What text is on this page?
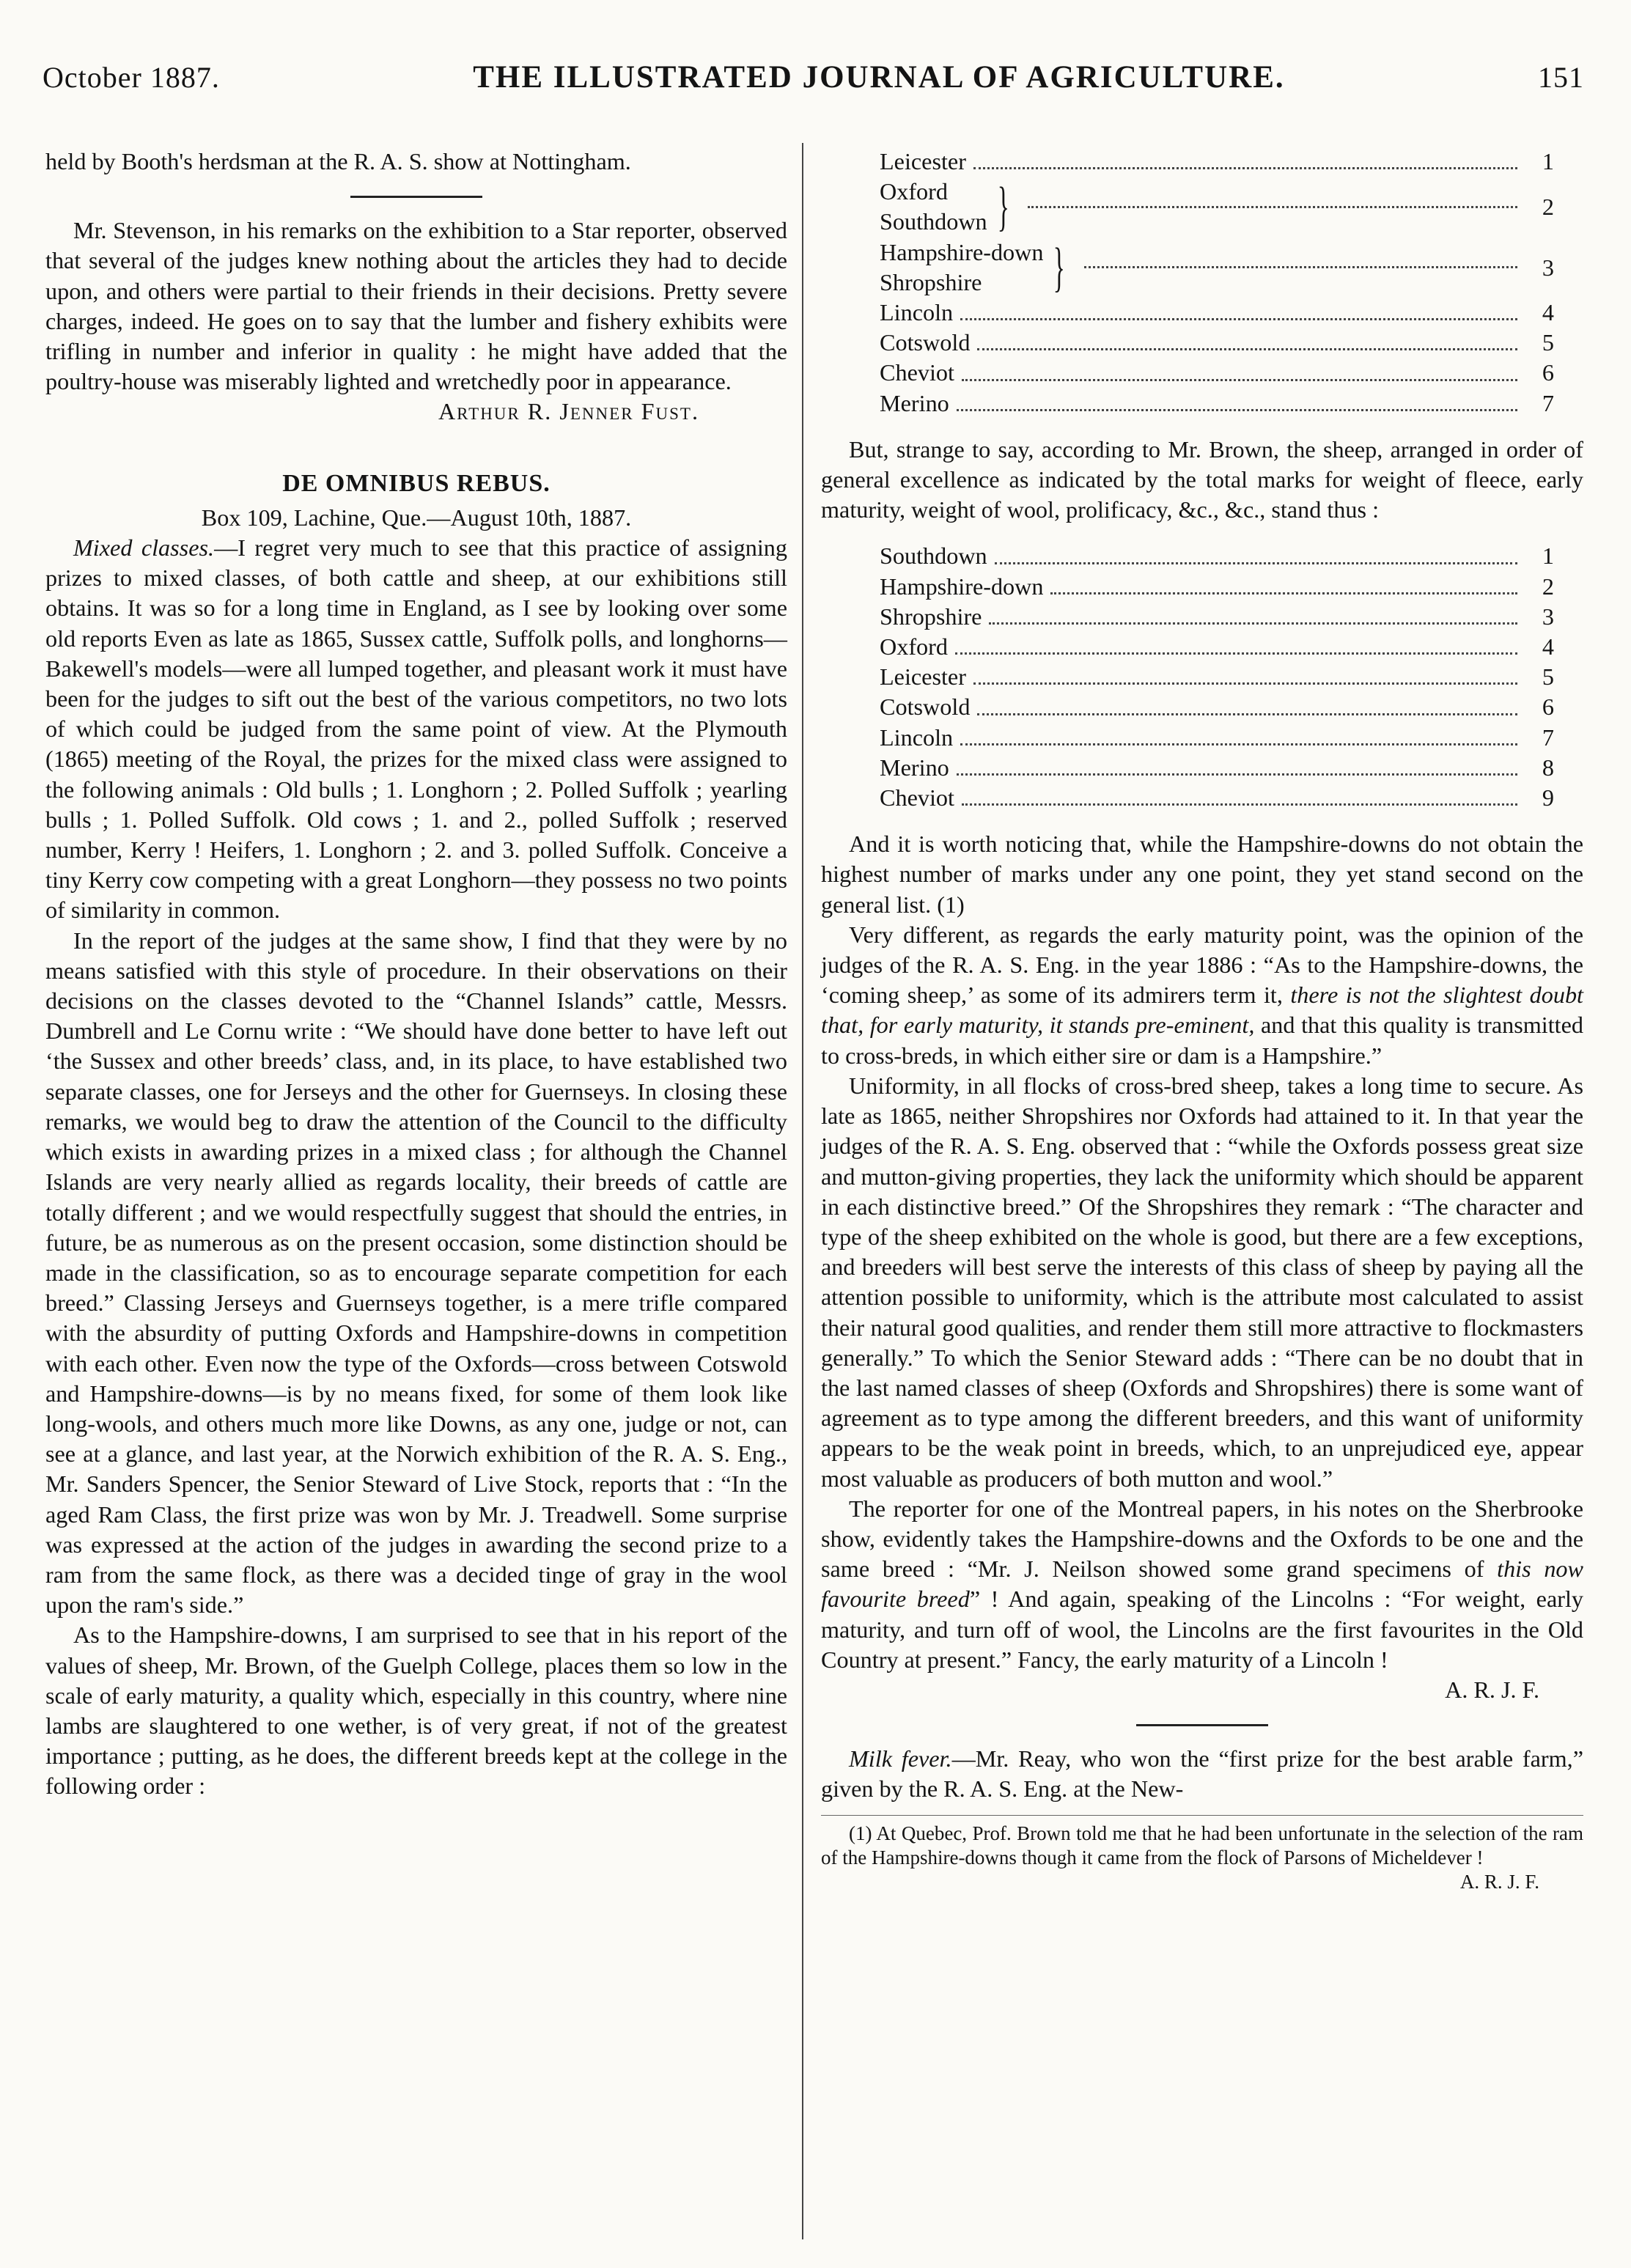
October 1887.	THE ILLUSTRATED JOURNAL OF AGRICULTURE.	151

held by Booth's herdsman at the R. A. S. show at Nottingham.

Mr. Stevenson, in his remarks on the exhibition to a Star reporter, observed that several of the judges knew nothing about the articles they had to decide upon, and others were partial to their friends in their decisions. Pretty severe charges, indeed. He goes on to say that the lumber and fishery exhibits were trifling in number and inferior in quality : he might have added that the poultry-house was miserably lighted and wretchedly poor in appearance.

Arthur R. Jenner Fust.
DE OMNIBUS REBUS.
Box 109, Lachine, Que.—August 10th, 1887.

Mixed classes.—I regret very much to see that this practice of assigning prizes to mixed classes, of both cattle and sheep, at our exhibitions still obtains. It was so for a long time in England, as I see by looking over some old reports Even as late as 1865, Sussex cattle, Suffolk polls, and longhorns—Bakewell's models—were all lumped together, and pleasant work it must have been for the judges to sift out the best of the various competitors, no two lots of which could be judged from the same point of view. At the Plymouth (1865) meeting of the Royal, the prizes for the mixed class were assigned to the following animals : Old bulls ; 1. Longhorn ; 2. Polled Suffolk ; yearling bulls ; 1. Polled Suffolk. Old cows ; 1. and 2., polled Suffolk ; reserved number, Kerry ! Heifers, 1. Longhorn ; 2. and 3. polled Suffolk. Conceive a tiny Kerry cow competing with a great Longhorn—they possess no two points of similarity in common.

In the report of the judges at the same show, I find that they were by no means satisfied with this style of procedure. In their observations on their decisions on the classes devoted to the “Channel Islands” cattle, Messrs. Dumbrell and Le Cornu write : “We should have done better to have left out ‘the Sussex and other breeds’ class, and, in its place, to have established two separate classes, one for Jerseys and the other for Guernseys. In closing these remarks, we would beg to draw the attention of the Council to the difficulty which exists in awarding prizes in a mixed class ; for although the Channel Islands are very nearly allied as regards locality, their breeds of cattle are totally different ; and we would respectfully suggest that should the entries, in future, be as numerous as on the present occasion, some distinction should be made in the classification, so as to encourage separate competition for each breed.” Classing Jerseys and Guernseys together, is a mere trifle compared with the absurdity of putting Oxfords and Hampshire-downs in competition with each other. Even now the type of the Oxfords—cross between Cotswold and Hampshire-downs—is by no means fixed, for some of them look like long-wools, and others much more like Downs, as any one, judge or not, can see at a glance, and last year, at the Norwich exhibition of the R. A. S. Eng., Mr. Sanders Spencer, the Senior Steward of Live Stock, reports that : “In the aged Ram Class, the first prize was won by Mr. J. Treadwell. Some surprise was expressed at the action of the judges in awarding the second prize to a ram from the same flock, as there was a decided tinge of gray in the wool upon the ram's side.”

As to the Hampshire-downs, I am surprised to see that in his report of the values of sheep, Mr. Brown, of the Guelph College, places them so low in the scale of early maturity, a quality which, especially in this country, where nine lambs are slaughtered to one wether, is of very great, if not of the greatest importance ; putting, as he does, the different breeds kept at the college in the following order :

Leicester	1
Oxford
Southdown }	2
Hampshire-down
Shropshire	}	3
Lincoln	4
Cotswold	5
Cheviot	6
Merino	7

But, strange to say, according to Mr. Brown, the sheep, arranged in order of general excellence as indicated by the total marks for weight of fleece, early maturity, weight of wool, prolificacy, &c., &c., stand thus :

Southdown	1
Hampshire-down	2
Shropshire	3
Oxford	4
Leicester	5
Cotswold	6
Lincoln	7
Merino	8
Cheviot	9

And it is worth noticing that, while the Hampshire-downs do not obtain the highest number of marks under any one point, they yet stand second on the general list. (1)

Very different, as regards the early maturity point, was the opinion of the judges of the R. A. S. Eng. in the year 1886 : “As to the Hampshire-downs, the ‘coming sheep,’ as some of its admirers term it, there is not the slightest doubt that, for early maturity, it stands pre-eminent, and that this quality is transmitted to cross-breds, in which either sire or dam is a Hampshire.”

Uniformity, in all flocks of cross-bred sheep, takes a long time to secure. As late as 1865, neither Shropshires nor Oxfords had attained to it. In that year the judges of the R. A. S. Eng. observed that : “while the Oxfords possess great size and mutton-giving properties, they lack the uniformity which should be apparent in each distinctive breed.” Of the Shropshires they remark : “The character and type of the sheep exhibited on the whole is good, but there are a few exceptions, and breeders will best serve the interests of this class of sheep by paying all the attention possible to uniformity, which is the attribute most calculated to assist their natural good qualities, and render them still more attractive to flockmasters generally.” To which the Senior Steward adds : “There can be no doubt that in the last named classes of sheep (Oxfords and Shropshires) there is some want of agreement as to type among the different breeders, and this want of uniformity appears to be the weak point in breeds, which, to an unprejudiced eye, appear most valuable as producers of both mutton and wool.”

The reporter for one of the Montreal papers, in his notes on the Sherbrooke show, evidently takes the Hampshire-downs and the Oxfords to be one and the same breed : “Mr. J. Neilson showed some grand specimens of this now favourite breed” ! And again, speaking of the Lincolns : “For weight, early maturity, and turn off of wool, the Lincolns are the first favourites in the Old Country at present.” Fancy, the early maturity of a Lincoln !

A. R. J. F.

Milk fever.—Mr. Reay, who won the “first prize for the best arable farm,” given by the R. A. S. Eng. at the New-

(1) At Quebec, Prof. Brown told me that he had been unfortunate in the selection of the ram of the Hampshire-downs though it came from the flock of Parsons of Micheldever !

A. R. J. F.
